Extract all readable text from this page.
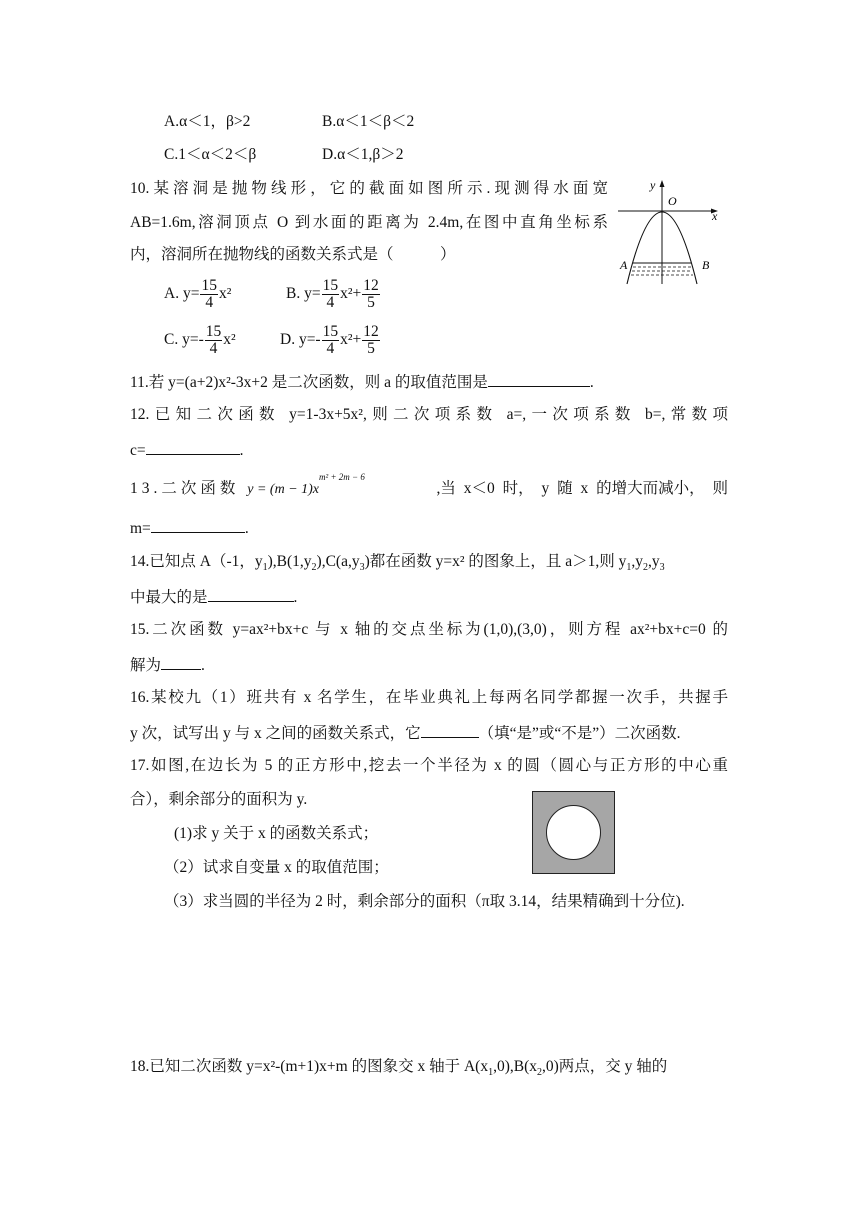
A.α＜1，β>2	B.α＜1＜β＜2
C.1＜α＜2＜β	D.α＜1,β＞2
10.某溶洞是抛物线形，它的截面如图所示.现测得水面宽
AB=1.6m,溶洞顶点 O 到水面的距离为 2.4m,在图中直角坐标系
内，溶洞所在抛物线的函数关系式是（　　　）
y
O
x
A	B
A. $y= \frac{15}{4} x^2$	B. $y= \frac{15}{4} x^2+ \frac{12}{5}$
C. $y=- \frac{15}{4} x^2$	D. $y=- \frac{15}{4} x^2+ \frac{12}{5}$
11.若 y=(a+2)x²-3x+2 是二次函数，则 a 的取值范围是	.
12.已知二次函数 y=1-3x+5x²,则二次项系数 a=,一次项系数 b=,常数项
c=	.
13.二次函数 $y = (m - 1)x^{m^2 + 2m - 6}$
,当 x＜0 时， y 随 x 的增大而减小， 则
m=	.
14.已知点 A（-1，$y_1),B(1,y_2),C(a,y_3)$都在函数 y=x² 的图象上，且 a＞1,则 $y_1,y_2,y_3$
中最大的是	.
15.二次函数 y=ax²+bx+c 与 x 轴的交点坐标为(1,0),(3,0)，则方程 ax²+bx+c=0 的
解为	.
16.某校九（1）班共有 x 名学生，在毕业典礼上每两名同学都握一次手，共握手
y 次，试写出 y 与 x 之间的函数关系式，它	（填“是”或“不是”）二次函数.
17.如图,在边长为 5 的正方形中,挖去一个半径为 x 的圆（圆心与正方形的中心重
合），剩余部分的面积为 y.
(1)求 y 关于 x 的函数关系式；
（2）试求自变量 x 的取值范围；
（3）求当圆的半径为 2 时，剩余部分的面积（π取 3.14，结果精确到十分位).
18.已知二次函数 y=x²-(m+1)x+m 的图象交 x 轴于 $A(x_1,0),B(x_2,0)$两点，交 y 轴的
